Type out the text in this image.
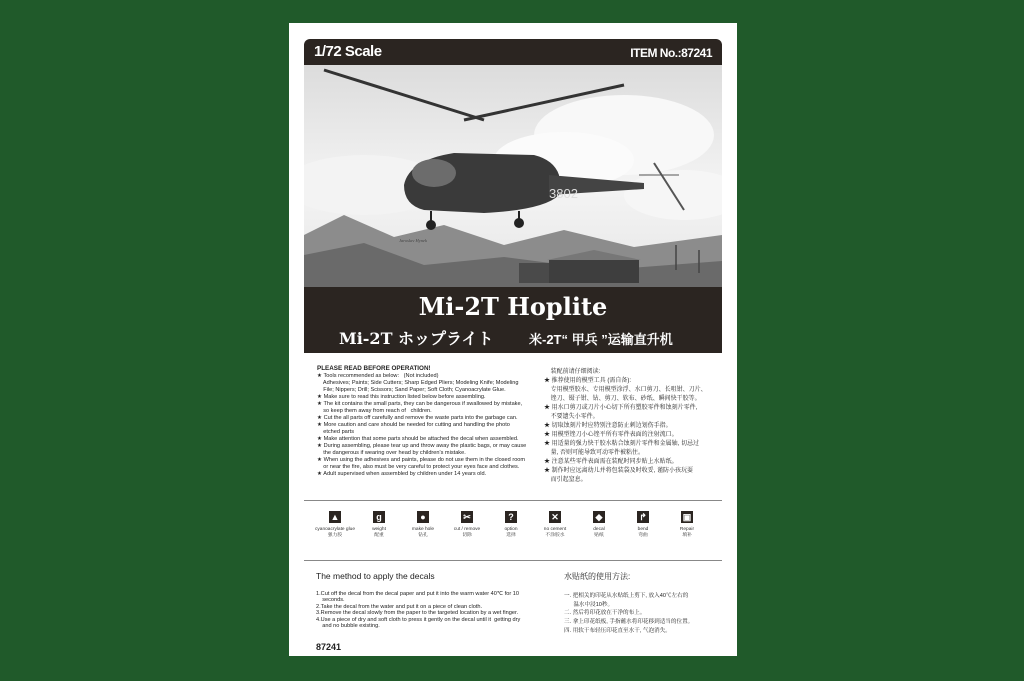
1/72 Scale	ITEM No.:87241
3802
Jaroslav Hynek
Mi-2T Hoplite
Mi-2T ホップライト	米-2T“ 甲兵 ”运输直升机
PLEASE READ BEFORE OPERATION!
★ Tools recommended as below:   (Not included)
Adhesives; Paints; Side Cutters; Sharp Edged Pliers; Modeling Knife; Modeling
File; Nippers; Drill; Scissors; Sand Paper; Soft Cloth; Cyanoacrylate Glue.
★ Make sure to read this instruction listed below before assembling.
★ The kit contains the small parts, they can be dangerous if swallowed by mistake,
so keep them away from reach of   children.
★ Cut the all parts off carefully and remove the waste parts into the garbage can.
★ More caution and care should be needed for cutting and handling the photo
etched parts
★ Make attention that some parts should be attached the decal when assembled.
★ During assembling, please tear up and throw away the plastic bags, or may cause
the dangerous if wearing over head by children's mistake.
★ When using the adhesives and paints, please do not use them in the closed room
or near the fire, also must be very careful to protect your eyes face and clothes.
★ Adult supervised when assembled by children under 14 years old.
装配前请仔细阅读:
★ 推荐使用的模型工具 (需自备):
专用模型胶水、专用模型涂浮、水口剪刀、长咀钳、刀片、
锉刀、镊子钳、钻、剪刀、软布、砂纸、瞬间快干胶等。
★ 用水口剪刀或刀片小心切下所有塑胶零件和蚀刻片零件,
不要遗失小零件。
★ 切取蚀刻片时应特别注意防止刺边划伤手指。
★ 用模型锉刀小心锉平所有零件表面的注射流口。
★ 用适量的强力快干胶水粘合蚀刻片零件和金属轴, 切忌过
量, 否则可能导致可动零件被粘住。
★ 注意某些零件表面需在装配时同步贴上水贴纸。
★ 制作时应远离幼儿并将包装袋及时收妥, 谨防小孩玩耍
而引起窒息。
▲
cyanoacrylate glue
强力胶
g
weight
配重
●
make hole
钻孔
✂
cut / remove
切除
?
option
选择
✕
no cement
不涂胶水
◆
decal
贴纸
↱
bend
弯曲
▣
Repair
填补
The method to apply the decals
1.Cut off the decal from the decal paper and put it into the warm water 40℃ for 10
seconds.
2.Take the decal from the water and put it on a piece of clean cloth.
3.Remove the decal slowly from the paper to the targeted location by a wet finger.
4.Use a piece of dry and soft cloth to press it gently on the decal until it  getting dry
and no bubble existing.
水贴纸的使用方法:
一. 把相关的印花从水贴纸上剪下, 放入40℃左右的
温水中浸10秒。
二. 然后将印花放在干净的布上。
三. 拿上印花纸板, 手指蘸水将印花移到适当的位置。
四. 用软干布轻压印花直至水干, 气泡消失。
87241
